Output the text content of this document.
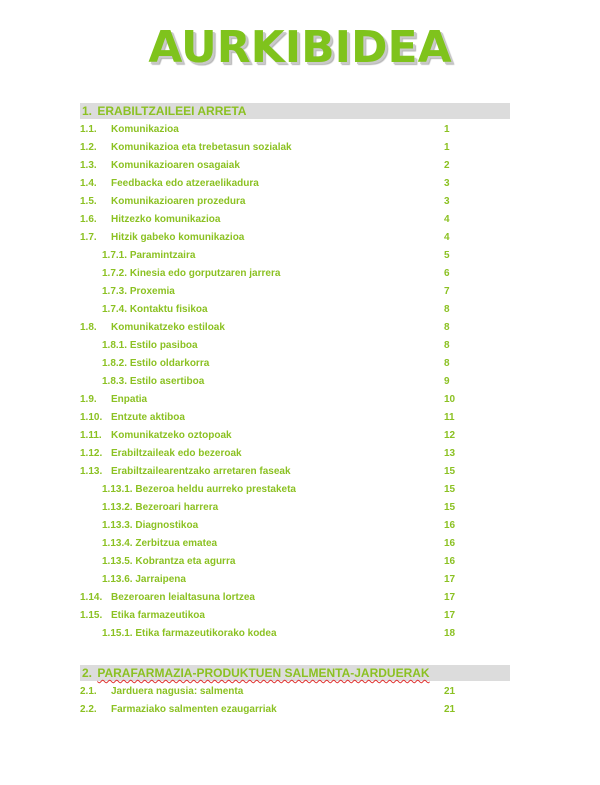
AURKIBIDEA
1. ERABILTZAILEEI ARRETA
1.1. Komunikazioa	1
1.2. Komunikazioa eta trebetasun sozialak	1
1.3. Komunikazioaren osagaiak	2
1.4. Feedbacka edo atzeraelikadura	3
1.5. Komunikazioaren prozedura	3
1.6. Hitzezko komunikazioa	4
1.7. Hitzik gabeko komunikazioa	4
1.7.1. Paramintzaira	5
1.7.2. Kinesia edo gorputzaren jarrera	6
1.7.3. Proxemia	7
1.7.4. Kontaktu fisikoa	8
1.8. Komunikatzeko estiloak	8
1.8.1. Estilo pasiboa	8
1.8.2. Estilo oldarkorra	8
1.8.3. Estilo asertiboa	9
1.9. Enpatia	10
1.10. Entzute aktiboa	11
1.11. Komunikatzeko oztopoak	12
1.12. Erabiltzaileak edo bezeroak	13
1.13. Erabiltzailearentzako arretaren faseak	15
1.13.1. Bezeroa heldu aurreko prestaketa	15
1.13.2. Bezeroari harrera	15
1.13.3. Diagnostikoa	16
1.13.4. Zerbitzua ematea	16
1.13.5. Kobrantza eta agurra	16
1.13.6. Jarraipena	17
1.14. Bezeroaren leialtasuna lortzea	17
1.15. Etika farmazeutikoa	17
1.15.1. Etika farmazeutikorako kodea	18
2. PARAFARMAZIA-PRODUKTUEN SALMENTA-JARDUERAK
2.1. Jarduera nagusia: salmenta	21
2.2. Farmaziako salmenten ezaugarriak	21
